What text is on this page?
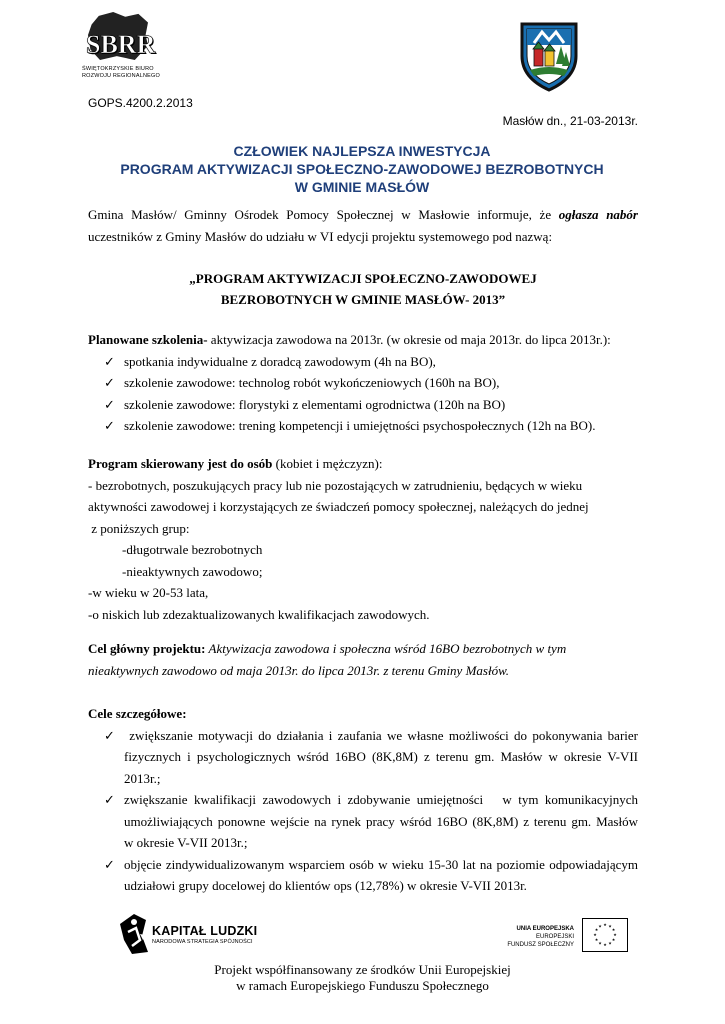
SBRR
ŚWIĘTOKRZYSKIE BIURO
ROZWOJU REGIONALNEGO
GOPS.4200.2.2013
Masłów dn., 21-03-2013r.
CZŁOWIEK NAJLEPSZA INWESTYCJA
PROGRAM AKTYWIZACJI SPOŁECZNO-ZAWODOWEJ BEZROBOTNYCH
W GMINIE MASŁÓW
Gmina Masłów/ Gminny Ośrodek Pomocy Społecznej w Masłowie informuje, że ogłasza nabór
uczestników z Gminy Masłów do udziału w VI edycji projektu systemowego pod nazwą:
„PROGRAM AKTYWIZACJI SPOŁECZNO-ZAWODOWEJ
BEZROBOTNYCH W GMINIE MASŁÓW- 2013”
Planowane szkolenia- aktywizacja zawodowa na 2013r. (w okresie od maja 2013r. do lipca 2013r.):
✓ spotkania indywidualne z doradcą zawodowym (4h na BO),
✓ szkolenie zawodowe: technolog robót wykończeniowych (160h na BO),
✓ szkolenie zawodowe: florystyki z elementami ogrodnictwa (120h na BO)
✓ szkolenie zawodowe: trening kompetencji i umiejętności psychospołecznych (12h na BO).
Program skierowany jest do osób (kobiet i mężczyzn):
- bezrobotnych, poszukujących pracy lub nie pozostających w zatrudnieniu, będących w wieku
aktywności zawodowej i korzystających ze świadczeń pomocy społecznej, należących do jednej
z poniższych grup:
-długotrwale bezrobotnych
-nieaktywnych zawodowo;
-w wieku w 20-53 lata,
-o niskich lub zdezaktualizowanych kwalifikacjach zawodowych.
Cel główny projektu: Aktywizacja zawodowa i społeczna wśród 16BO bezrobotnych w tym
nieaktywnych zawodowo od maja 2013r. do lipca 2013r. z terenu Gminy Masłów.
Cele szczegółowe:
✓ zwiększanie motywacji do działania i zaufania we własne możliwości do pokonywania barier
fizycznych i psychologicznych wśród 16BO (8K,8M) z terenu gm. Masłów w okresie V-VII
2013r.;
✓ zwiększanie kwalifikacji zawodowych i zdobywanie umiejętności   w tym komunikacyjnych
umożliwiających ponowne wejście na rynek pracy wśród 16BO (8K,8M) z terenu gm. Masłów
w okresie V-VII 2013r.;
✓ objęcie zindywidualizowanym wsparciem osób w wieku 15-30 lat na poziomie odpowiadającym
udziałowi grupy docelowej do klientów ops (12,78%) w okresie V-VII 2013r.
KAPITAŁ LUDZKI
NARODOWA STRATEGIA SPÓJNOŚCI
UNIA EUROPEJSKA
EUROPEJSKI
FUNDUSZ SPOŁECZNY
★ ★
★
★
★
★
★
★
★
★
★
★
Projekt współfinansowany ze środków Unii Europejskiej
w ramach Europejskiego Funduszu Społecznego
